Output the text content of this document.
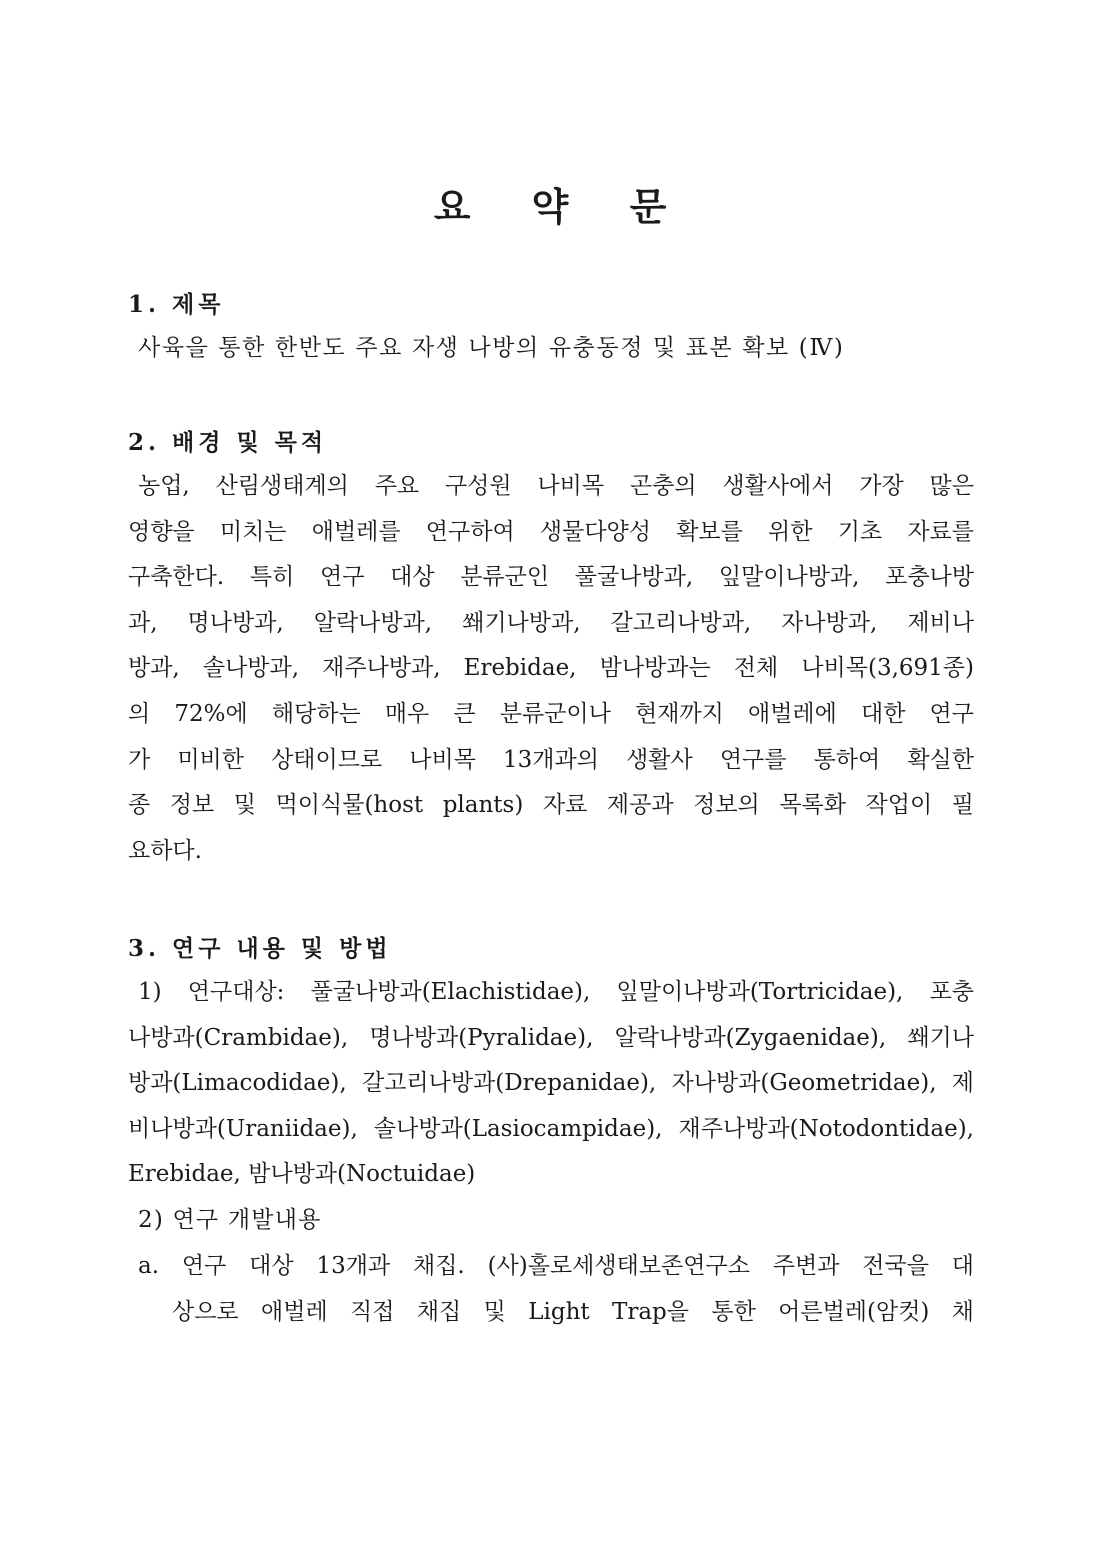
요 약 문
1. 제목

사육을 통한 한반도 주요 자생 나방의 유충동정 및 표본 확보 (Ⅳ)

2. 배경 및 목적

농업, 산림생태계의 주요 구성원 나비목 곤충의 생활사에서 가장 많은
영향을 미치는 애벌레를 연구하여 생물다양성 확보를 위한 기초 자료를
구축한다. 특히 연구 대상 분류군인 풀굴나방과, 잎말이나방과, 포충나방
과, 명나방과, 알락나방과, 쐐기나방과, 갈고리나방과, 자나방과, 제비나
방과, 솔나방과, 재주나방과, Erebidae, 밤나방과는 전체 나비목(3,691종)
의 72%에 해당하는 매우 큰 분류군이나 현재까지 애벌레에 대한 연구
가 미비한 상태이므로 나비목 13개과의 생활사 연구를 통하여 확실한
종 정보 및 먹이식물(host plants) 자료 제공과 정보의 목록화 작업이 필
요하다.

3. 연구 내용 및 방법

1) 연구대상: 풀굴나방과(Elachistidae), 잎말이나방과(Tortricidae), 포충
나방과(Crambidae), 명나방과(Pyralidae), 알락나방과(Zygaenidae), 쐐기나
방과(Limacodidae), 갈고리나방과(Drepanidae), 자나방과(Geometridae), 제
비나방과(Uraniidae), 솔나방과(Lasiocampidae), 재주나방과(Notodontidae),
Erebidae, 밤나방과(Noctuidae)

2) 연구 개발내용

a. 연구 대상 13개과 채집. (사)홀로세생태보존연구소 주변과 전국을 대

상으로 애벌레 직접 채집 및 Light Trap을 통한 어른벌레(암컷) 채
